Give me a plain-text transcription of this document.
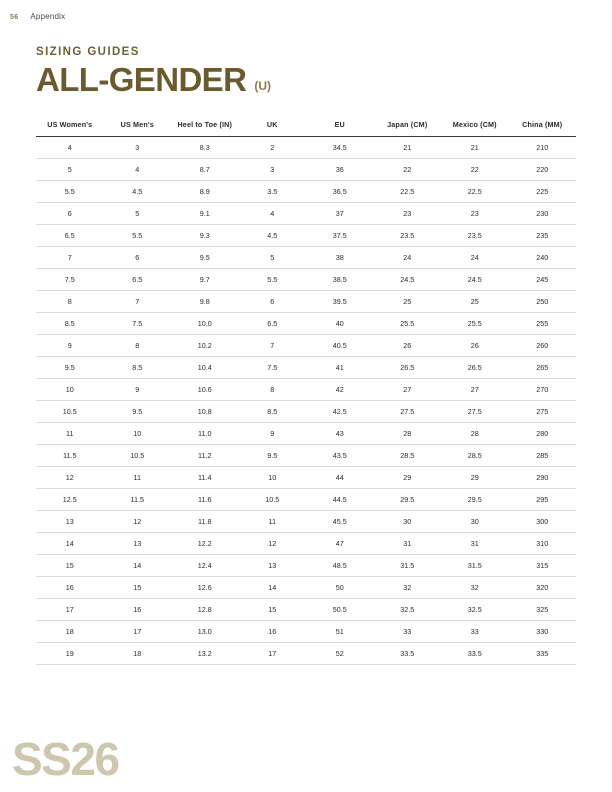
56 Appendix
SIZING GUIDES
ALL-GENDER (U)
US Women's	US Men's	Heel to Toe (IN)	UK	EU	Japan (CM)	Mexico (CM)	China (MM)
4	3	8.3	2	34.5	21	21	210
5	4	8.7	3	36	22	22	220
5.5	4.5	8.9	3.5	36.5	22.5	22.5	225
6	5	9.1	4	37	23	23	230
6.5	5.5	9.3	4.5	37.5	23.5	23.5	235
7	6	9.5	5	38	24	24	240
7.5	6.5	9.7	5.5	38.5	24.5	24.5	245
8	7	9.8	6	39.5	25	25	250
8.5	7.5	10.0	6.5	40	25.5	25.5	255
9	8	10.2	7	40.5	26	26	260
9.5	8.5	10.4	7.5	41	26.5	26.5	265
10	9	10.6	8	42	27	27	270
10.5	9.5	10.8	8.5	42.5	27.5	27.5	275
11	10	11.0	9	43	28	28	280
11.5	10.5	11.2	9.5	43.5	28.5	28.5	285
12	11	11.4	10	44	29	29	290
12.5	11.5	11.6	10.5	44.5	29.5	29.5	295
13	12	11.8	11	45.5	30	30	300
14	13	12.2	12	47	31	31	310
15	14	12.4	13	48.5	31.5	31.5	315
16	15	12.6	14	50	32	32	320
17	16	12.8	15	50.5	32.5	32.5	325
18	17	13.0	16	51	33	33	330
19	18	13.2	17	52	33.5	33.5	335
SS26
